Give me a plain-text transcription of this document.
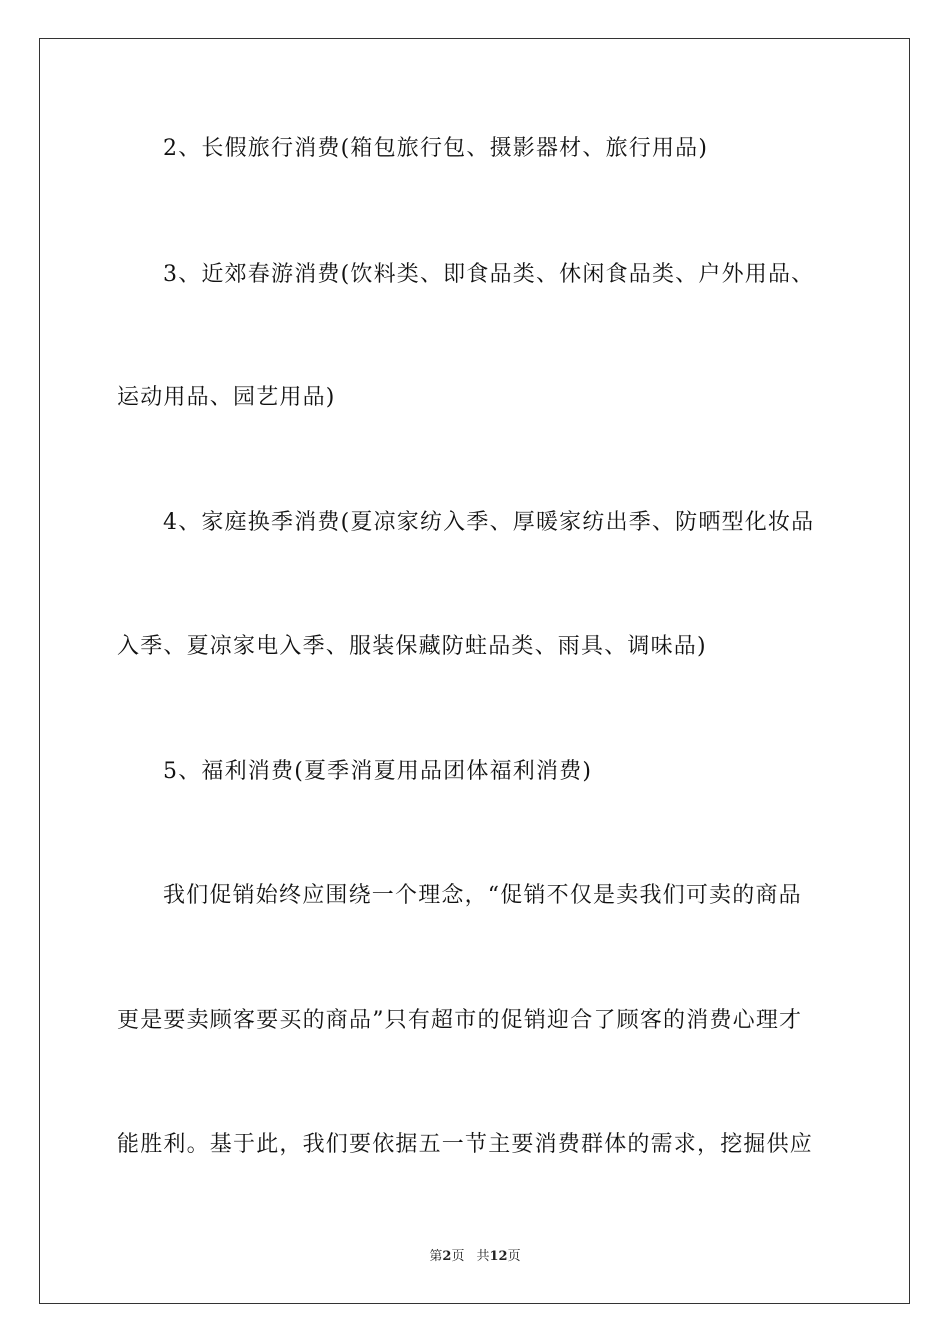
2、长假旅行消费(箱包旅行包、摄影器材、旅行用品)
3、近郊春游消费(饮料类、即食品类、休闲食品类、户外用品、
运动用品、园艺用品)
4、家庭换季消费(夏凉家纺入季、厚暖家纺出季、防晒型化妆品
入季、夏凉家电入季、服装保藏防蛀品类、雨具、调味品)
5、福利消费(夏季消夏用品团体福利消费)
我们促销始终应围绕一个理念，“促销不仅是卖我们可卖的商品
更是要卖顾客要买的商品”只有超市的促销迎合了顾客的消费心理才
能胜利。基于此，我们要依据五一节主要消费群体的需求，挖掘供应
第2页 共12页
